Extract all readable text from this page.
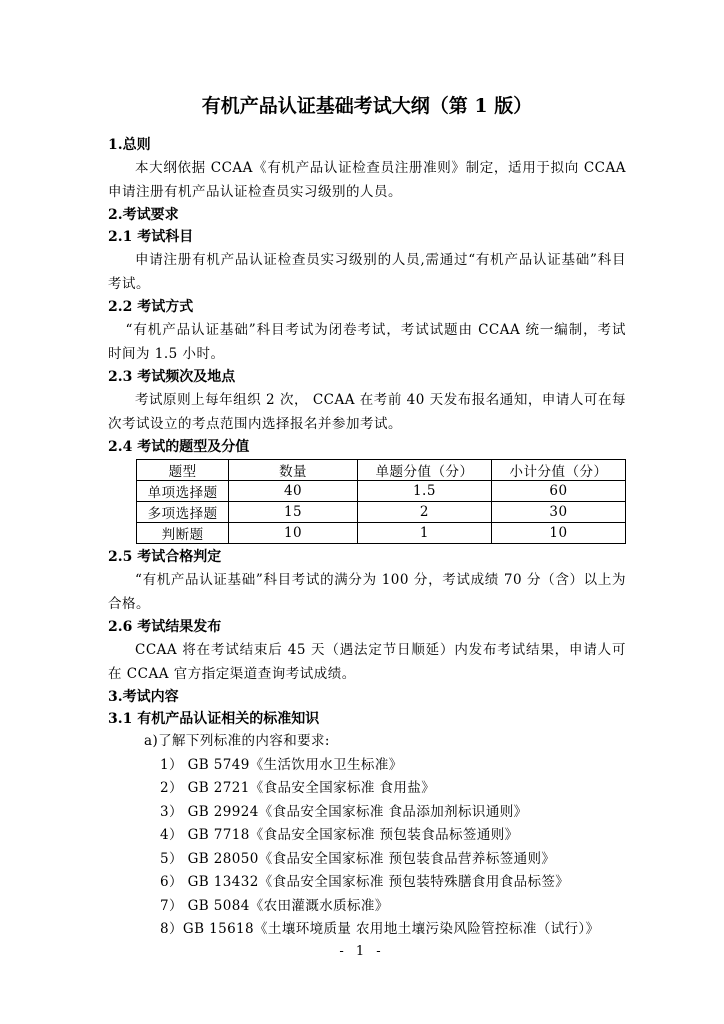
有机产品认证基础考试大纲（第 1 版）
1.总则

本大纲依据 CCAA《有机产品认证检查员注册准则》制定，适用于拟向 CCAA 申请注册有机产品认证检查员实习级别的人员。

2.考试要求
2.1 考试科目

申请注册有机产品认证检查员实习级别的人员,需通过“有机产品认证基础”科目考试。

2.2 考试方式

“有机产品认证基础”科目考试为闭卷考试，考试试题由 CCAA 统一编制，考试时间为 1.5 小时。

2.3 考试频次及地点

考试原则上每年组织 2 次， CCAA 在考前 40 天发布报名通知，申请人可在每次考试设立的考点范围内选择报名并参加考试。

2.4 考试的题型及分值
题型	数量	单题分值（分）	小计分值（分）
单项选择题	40	1.5	60
多项选择题	15	2	30
判断题	10	1	10
2.5 考试合格判定

“有机产品认证基础”科目考试的满分为 100 分，考试成绩 70 分（含）以上为合格。

2.6 考试结果发布

CCAA 将在考试结束后 45 天（遇法定节日顺延）内发布考试结果，申请人可在 CCAA 官方指定渠道查询考试成绩。

3.考试内容
3.1 有机产品认证相关的标准知识

a)了解下列标准的内容和要求:

1） GB 5749《生活饮用水卫生标准》

2） GB 2721《食品安全国家标准 食用盐》

3） GB 29924《食品安全国家标准 食品添加剂标识通则》

4） GB 7718《食品安全国家标准 预包装食品标签通则》

5） GB 28050《食品安全国家标准 预包装食品营养标签通则》

6） GB 13432《食品安全国家标准 预包装特殊膳食用食品标签》

7） GB 5084《农田灌溉水质标准》

8）GB 15618《土壤环境质量 农用地土壤污染风险管控标准（试行）》

- 1 -
